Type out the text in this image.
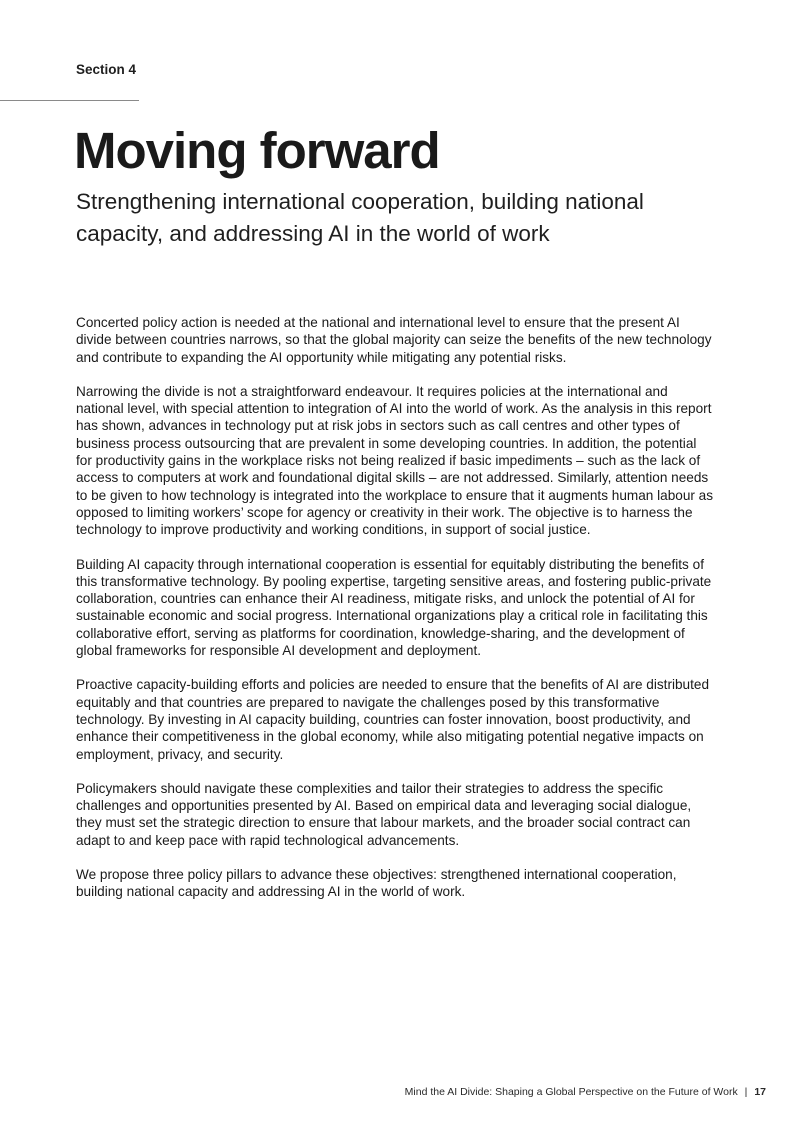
Section 4

Moving forward
Strengthening international cooperation, building national capacity, and addressing AI in the world of work

Concerted policy action is needed at the national and international level to ensure that the present AI divide between countries narrows, so that the global majority can seize the benefits of the new technology and contribute to expanding the AI opportunity while mitigating any potential risks.

Narrowing the divide is not a straightforward endeavour. It requires policies at the international and national level, with special attention to integration of AI into the world of work. As the analysis in this report has shown, advances in technology put at risk jobs in sectors such as call centres and other types of business process outsourcing that are prevalent in some developing countries. In addition, the potential for productivity gains in the workplace risks not being realized if basic impediments – such as the lack of access to computers at work and foundational digital skills – are not addressed. Similarly, attention needs to be given to how technology is integrated into the workplace to ensure that it augments human labour as opposed to limiting workers’ scope for agency or creativity in their work. The objective is to harness the technology to improve productivity and working conditions, in support of social justice.

Building AI capacity through international cooperation is essential for equitably distributing the benefits of this transformative technology. By pooling expertise, targeting sensitive areas, and fostering public-private collaboration, countries can enhance their AI readiness, mitigate risks, and unlock the potential of AI for sustainable economic and social progress. International organizations play a critical role in facilitating this collaborative effort, serving as platforms for coordination, knowledge-sharing, and the development of global frameworks for responsible AI development and deployment.

Proactive capacity-building efforts and policies are needed to ensure that the benefits of AI are distributed equitably and that countries are prepared to navigate the challenges posed by this transformative technology. By investing in AI capacity building, countries can foster innovation, boost productivity, and enhance their competitiveness in the global economy, while also mitigating potential negative impacts on employment, privacy, and security.

Policymakers should navigate these complexities and tailor their strategies to address the specific challenges and opportunities presented by AI. Based on empirical data and leveraging social dialogue, they must set the strategic direction to ensure that labour markets, and the broader social contract can adapt to and keep pace with rapid technological advancements.

We propose three policy pillars to advance these objectives: strengthened international cooperation, building national capacity and addressing AI in the world of work.

Mind the AI Divide: Shaping a Global Perspective on the Future of Work | 17
